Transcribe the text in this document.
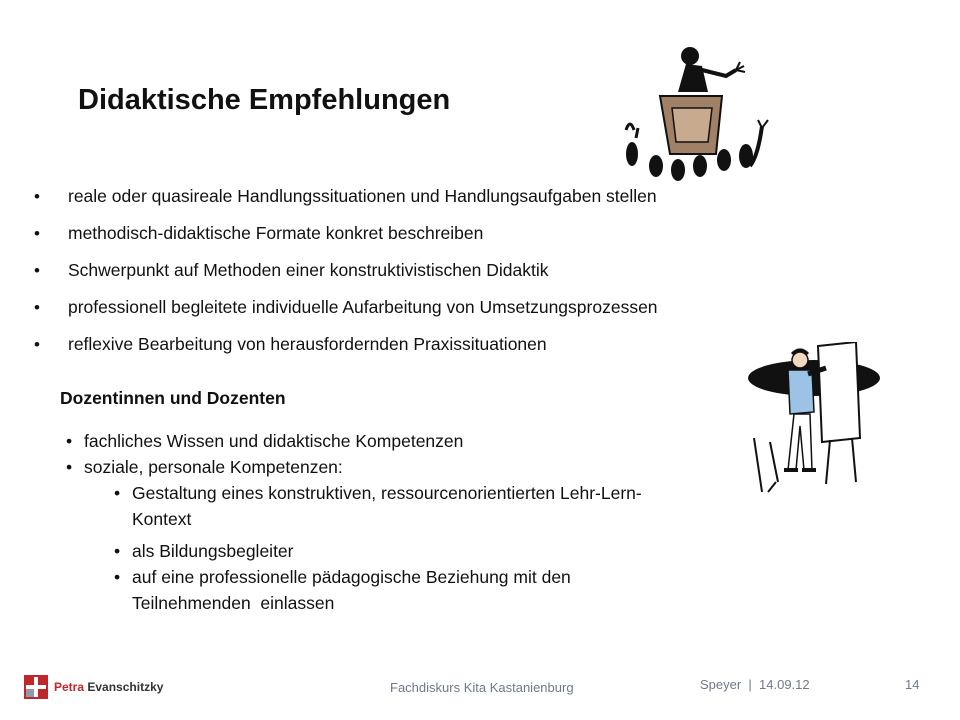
Didaktische Empfehlungen
• reale oder quasireale Handlungssituationen und Handlungsaufgaben stellen
• methodisch-didaktische Formate konkret beschreiben
• Schwerpunkt auf Methoden einer konstruktivistischen Didaktik
• professionell begleitete individuelle Aufarbeitung von Umsetzungsprozessen
• reflexive Bearbeitung von herausfordernden Praxissituationen
Dozentinnen und Dozenten
• fachliches Wissen und didaktische Kompetenzen
• soziale, personale Kompetenzen:
• Gestaltung eines konstruktiven, ressourcenorientierten Lehr-Lern-
Kontext
• als Bildungsbegleiter
• auf eine professionelle pädagogische Beziehung mit den
Teilnehmenden  einlassen
Petra Evanschitzky	Fachdiskurs Kita Kastanienburg	Speyer  |  14.09.12	14
